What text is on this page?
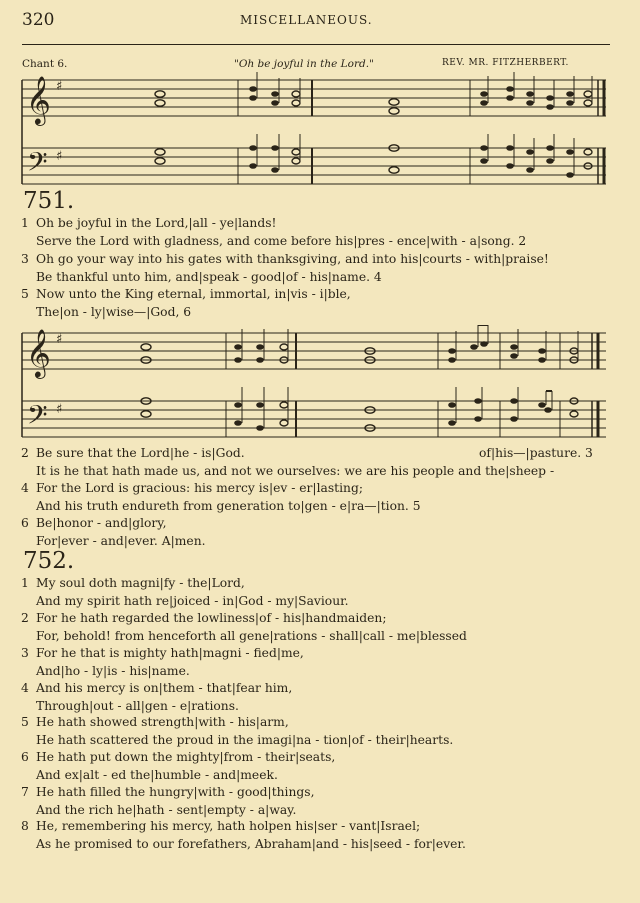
320	MISCELLANEOUS.
Chant 6.	"Oh be joyful in the Lord."	REV. MR. FITZHERBERT.
𝄞
𝄢
♯
♯
751.
1 Oh be joyful in the Lord,|all - ye|lands!
Serve the Lord with gladness, and come before his|pres - ence|with - a|song. 2
3 Oh go your way into his gates with thanksgiving, and into his|courts - with|praise!
Be thankful unto him, and|speak - good|of - his|name. 4
5 Now unto the King eternal, immortal, in|vis - i|ble,
The|on - ly|wise—|God, 6
𝄞
𝄢
♯
♯
2 Be sure that the Lord|he - is|God.	of|his—|pasture. 3
It is he that hath made us, and not we ourselves: we are his people and the|sheep -
4 For the Lord is gracious: his mercy is|ev - er|lasting;
And his truth endureth from generation to|gen - e|ra—|tion. 5
6 Be|honor - and|glory,
For|ever - and|ever. A|men.
752.
1 My soul doth magni|fy - the|Lord,
And my spirit hath re|joiced - in|God - my|Saviour.
2 For he hath regarded the lowliness|of - his|handmaiden;
For, behold! from henceforth all gene|rations - shall|call - me|blessed
3 For he that is mighty hath|magni - fied|me,
And|ho - ly|is - his|name.
4 And his mercy is on|them - that|fear him,
Through|out - all|gen - e|rations.
5 He hath showed strength|with - his|arm,
He hath scattered the proud in the imagi|na - tion|of - their|hearts.
6 He hath put down the mighty|from - their|seats,
And ex|alt - ed the|humble - and|meek.
7 He hath filled the hungry|with - good|things,
And the rich he|hath - sent|empty - a|way.
8 He, remembering his mercy, hath holpen his|ser - vant|Israel;
As he promised to our forefathers, Abraham|and - his|seed - for|ever.
